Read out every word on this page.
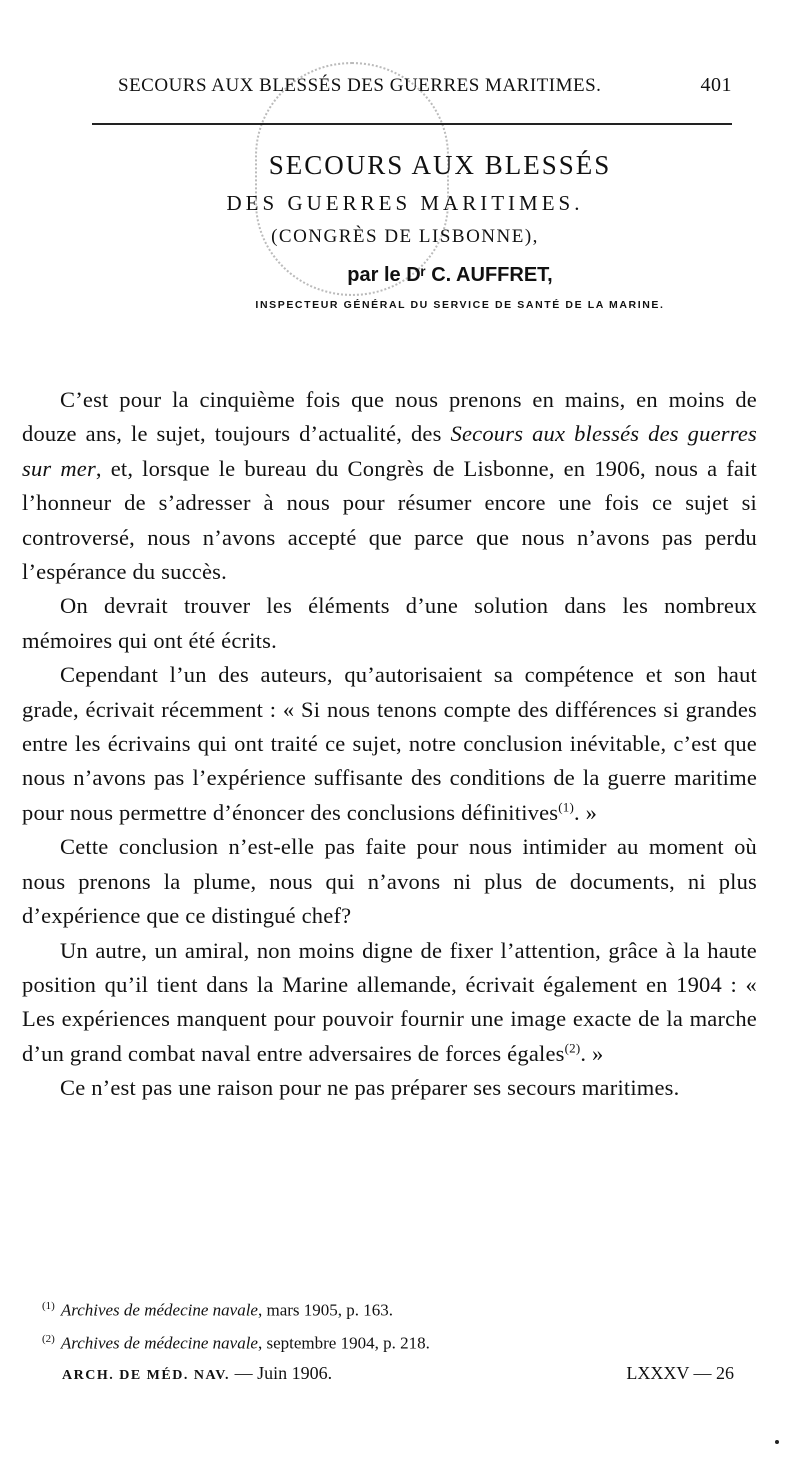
SECOURS AUX BLESSÉS DES GUERRES MARITIMES.	401
SECOURS AUX BLESSÉS
DES GUERRES MARITIMES.
(CONGRÈS DE LISBONNE),
par le Dʳ C. AUFFRET,
INSPECTEUR GÉNÉRAL DU SERVICE DE SANTÉ DE LA MARINE.

C’est pour la cinquième fois que nous prenons en mains, en moins de douze ans, le sujet, toujours d’actualité, des Secours aux blessés des guerres sur mer, et, lorsque le bureau du Congrès de Lisbonne, en 1906, nous a fait l’honneur de s’adresser à nous pour résumer encore une fois ce sujet si controversé, nous n’avons accepté que parce que nous n’avons pas perdu l’espérance du succès.

On devrait trouver les éléments d’une solution dans les nombreux mémoires qui ont été écrits.

Cependant l’un des auteurs, qu’autorisaient sa compétence et son haut grade, écrivait récemment : « Si nous tenons compte des différences si grandes entre les écrivains qui ont traité ce sujet, notre conclusion inévitable, c’est que nous n’avons pas l’expérience suffisante des conditions de la guerre maritime pour nous permettre d’énoncer des conclusions définitives$^{(1)}$. »

Cette conclusion n’est-elle pas faite pour nous intimider au moment où nous prenons la plume, nous qui n’avons ni plus de documents, ni plus d’expérience que ce distingué chef?

Un autre, un amiral, non moins digne de fixer l’attention, grâce à la haute position qu’il tient dans la Marine allemande, écrivait également en 1904 : « Les expériences manquent pour pouvoir fournir une image exacte de la marche d’un grand combat naval entre adversaires de forces égales$^{(2)}$. »

Ce n’est pas une raison pour ne pas préparer ses secours maritimes.

$^{(1)}$ Archives de médecine navale, mars 1905, p. 163.
$^{(2)}$ Archives de médecine navale, septembre 1904, p. 218.
ARCH. DE MÉD. NAV. — Juin 1906.	LXXXV — 26
